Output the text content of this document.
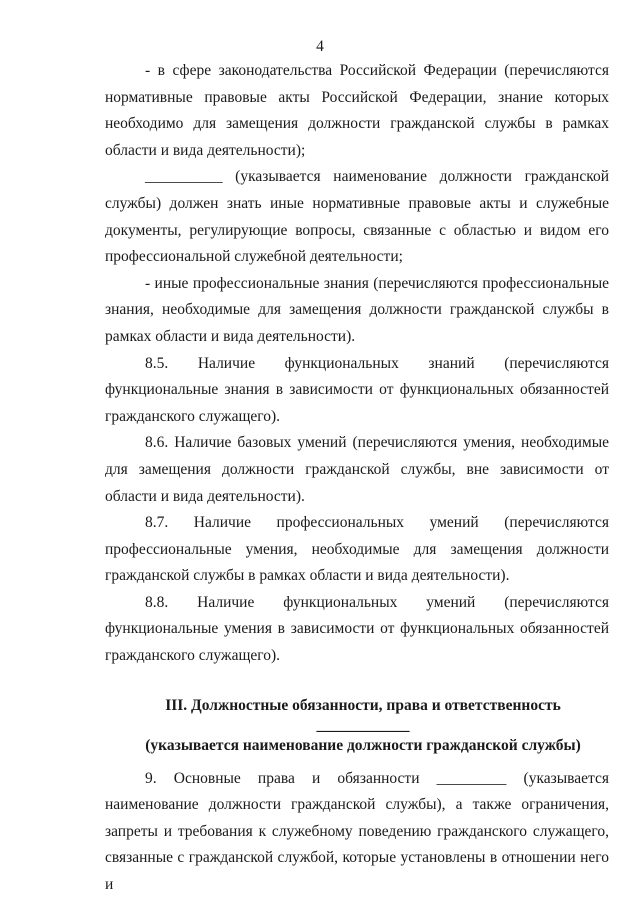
4

- в сфере законодательства Российской Федерации (перечисляются нормативные правовые акты Российской Федерации, знание которых необходимо для замещения должности гражданской службы в рамках области и вида деятельности);

__________ (указывается наименование должности гражданской службы) должен знать иные нормативные правовые акты и служебные документы, регулирующие вопросы, связанные с областью и видом его профессиональной служебной деятельности;

- иные профессиональные знания (перечисляются профессиональные знания, необходимые для замещения должности гражданской службы в рамках области и вида деятельности).

8.5. Наличие функциональных знаний (перечисляются функциональные знания в зависимости от функциональных обязанностей гражданского служащего).

8.6. Наличие базовых умений (перечисляются умения, необходимые для замещения должности гражданской службы, вне зависимости от области и вида деятельности).

8.7. Наличие профессиональных умений (перечисляются профессиональные умения, необходимые для замещения должности гражданской службы в рамках области и вида деятельности).

8.8. Наличие функциональных умений (перечисляются функциональные умения в зависимости от функциональных обязанностей гражданского служащего).

III. Должностные обязанности, права и ответственность ____________

(указывается наименование должности гражданской службы)

9. Основные права и обязанности _________ (указывается наименование должности гражданской службы), а также ограничения, запреты и требования к служебному поведению гражданского служащего, связанные с гражданской службой, которые установлены в отношении него и
